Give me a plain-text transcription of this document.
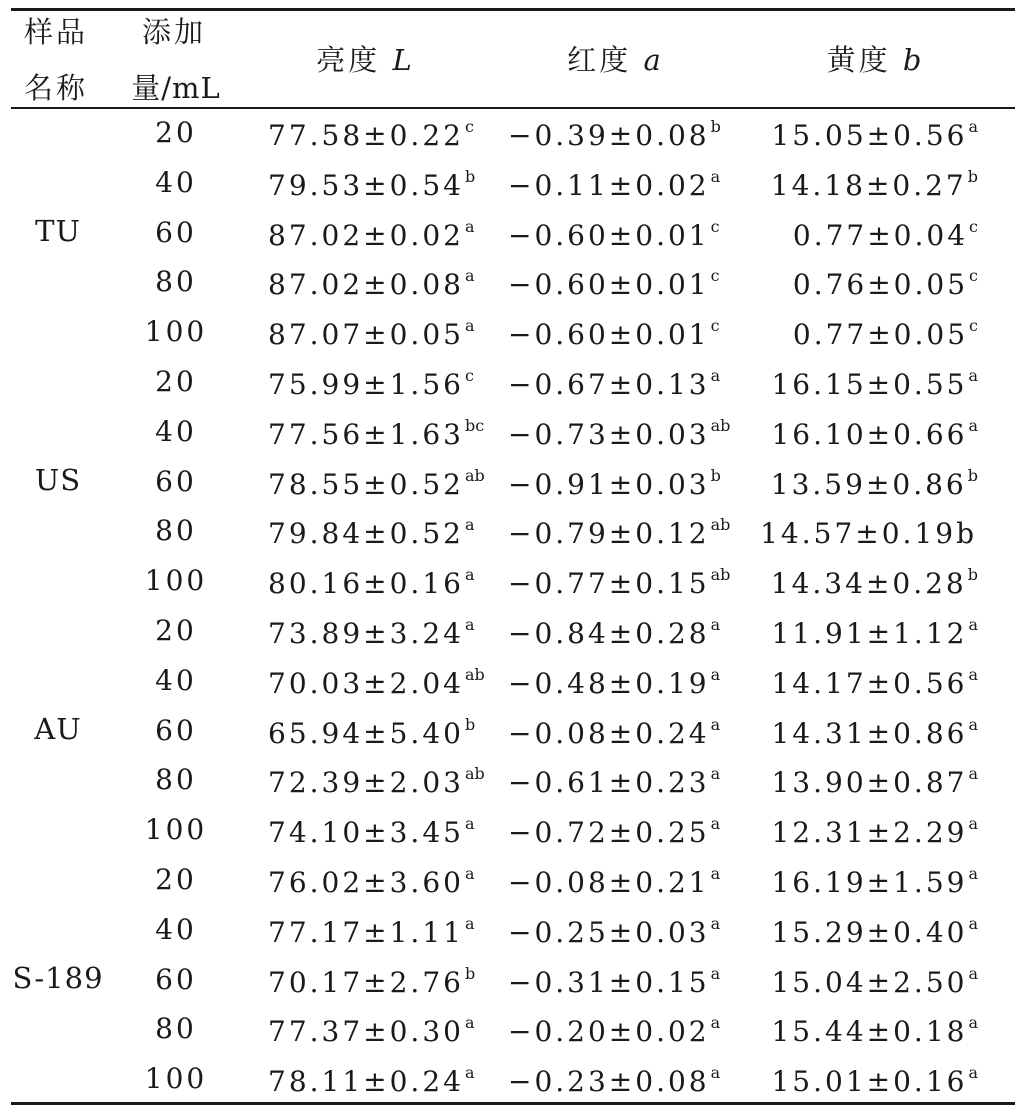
样品
名称
添加
量/mL
亮度 L	红度 a	黄度 b
TU
US
AU
S-189
20	77.58±0.22$^c$ −0.39±0.08$^b$ 15.05±0.56$^a$
40	79.53±0.54$^b$ −0.11±0.02$^a$ 14.18±0.27$^b$
60	87.02±0.02$^a$ −0.60±0.01$^c$	0.77±0.04$^c$
80	87.02±0.08$^a$ −0.60±0.01$^c$	0.76±0.05$^c$
100 87.07±0.05$^a$ −0.60±0.01$^c$	0.77±0.05$^c$
20	75.99±1.56$^c$ −0.67±0.13$^a$ 16.15±0.55$^a$
40	77.56±1.63$^{bc}$ −0.73±0.03$^{ab}$ 16.10±0.66$^a$
60	78.55±0.52$^{ab}$ −0.91±0.03$^b$ 13.59±0.86$^b$
80	79.84±0.52$^a$ −0.79±0.12$^{ab}$ 14.57±0.19b
100 80.16±0.16$^a$ −0.77±0.15$^{ab}$ 14.34±0.28$^b$
20	73.89±3.24$^a$ −0.84±0.28$^a$ 11.91±1.12$^a$
40	70.03±2.04$^{ab}$ −0.48±0.19$^a$ 14.17±0.56$^a$
60	65.94±5.40$^b$ −0.08±0.24$^a$ 14.31±0.86$^a$
80	72.39±2.03$^{ab}$ −0.61±0.23$^a$ 13.90±0.87$^a$
100 74.10±3.45$^a$ −0.72±0.25$^a$ 12.31±2.29$^a$
20	76.02±3.60$^a$ −0.08±0.21$^a$ 16.19±1.59$^a$
40	77.17±1.11$^a$ −0.25±0.03$^a$ 15.29±0.40$^a$
60	70.17±2.76$^b$ −0.31±0.15$^a$ 15.04±2.50$^a$
80	77.37±0.30$^a$ −0.20±0.02$^a$ 15.44±0.18$^a$
100 78.11±0.24$^a$ −0.23±0.08$^a$ 15.01±0.16$^a$
